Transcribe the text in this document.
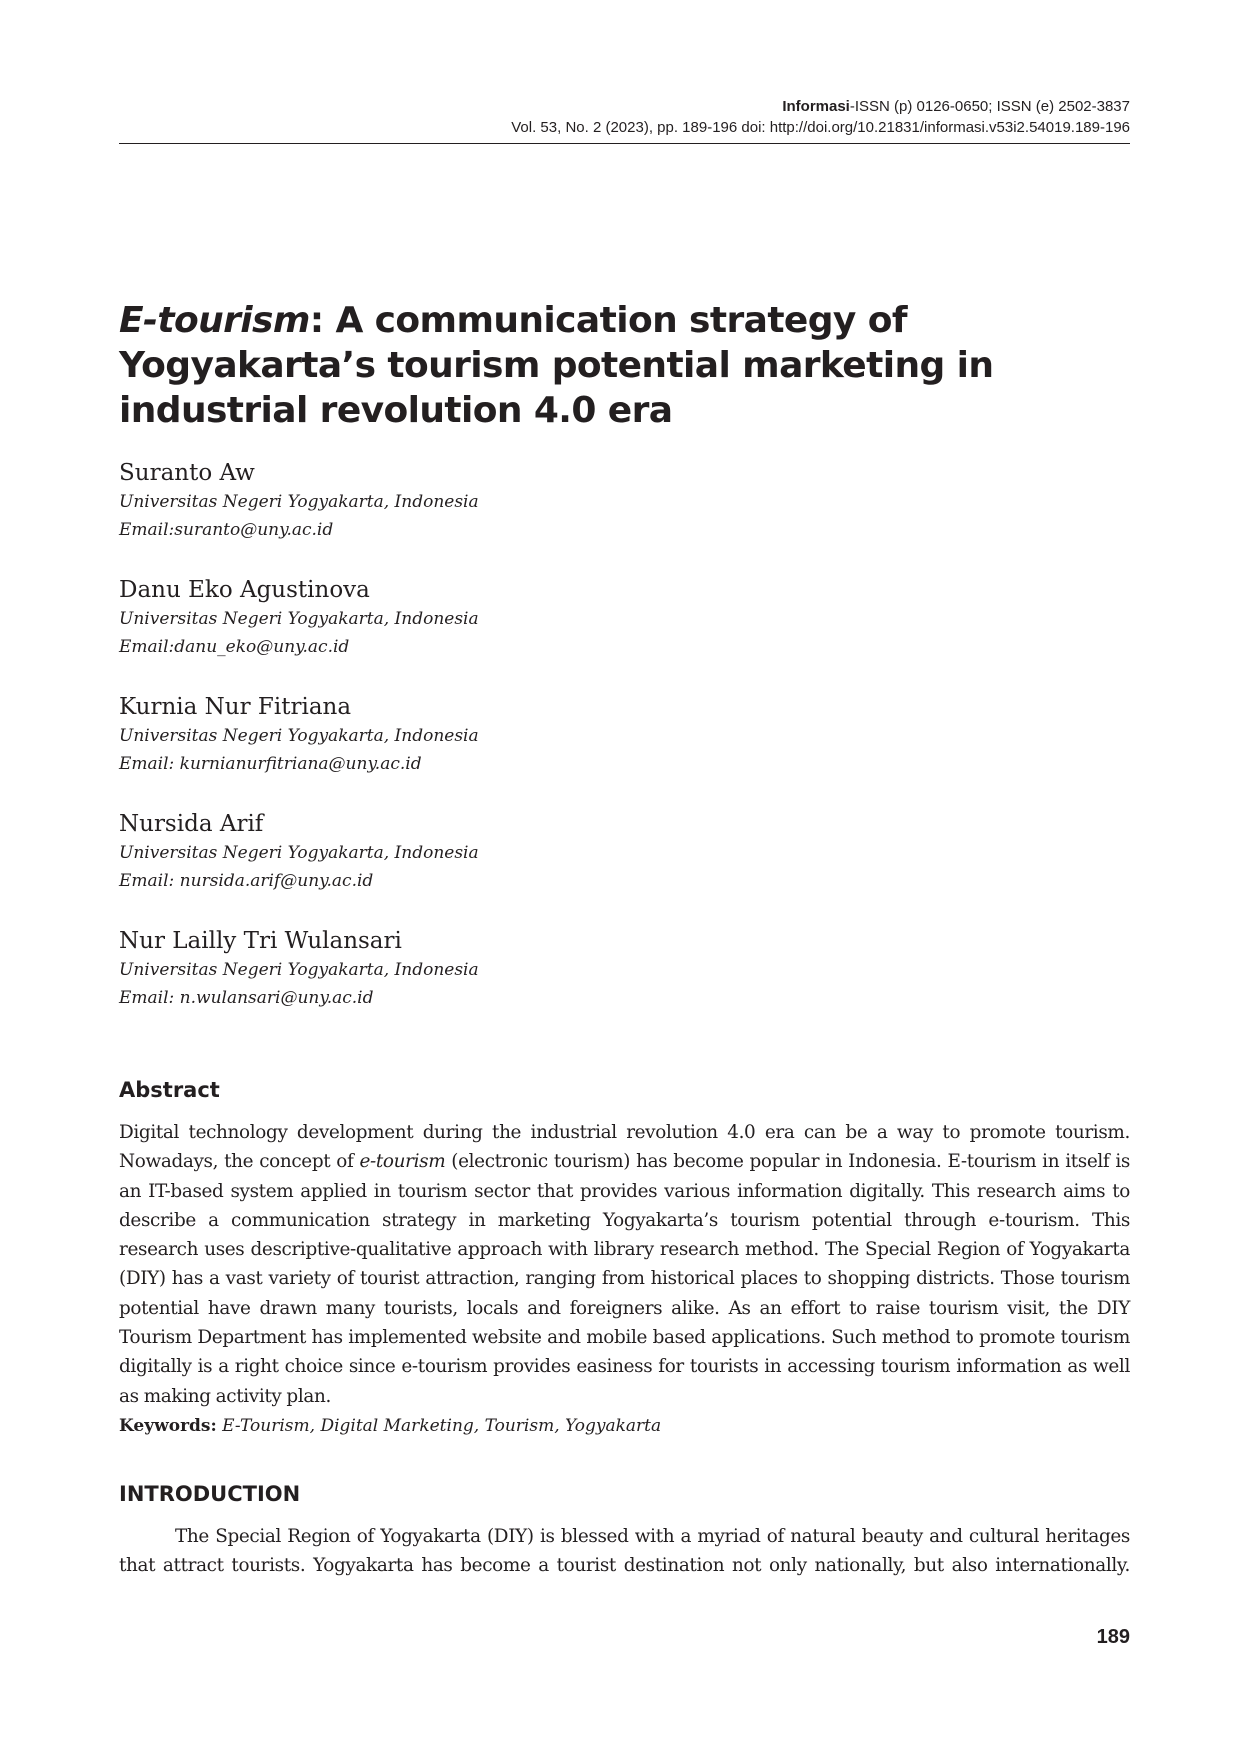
Informasi-ISSN (p) 0126-0650; ISSN (e) 2502-3837
Vol. 53, No. 2 (2023), pp. 189-196 doi: http://doi.org/10.21831/informasi.v53i2.54019.189-196
E-tourism: A communication strategy of Yogyakarta’s tourism potential marketing in industrial revolution 4.0 era
Suranto Aw
Universitas Negeri Yogyakarta, Indonesia
Email:suranto@uny.ac.id
Danu Eko Agustinova
Universitas Negeri Yogyakarta, Indonesia
Email:danu_eko@uny.ac.id
Kurnia Nur Fitriana
Universitas Negeri Yogyakarta, Indonesia
Email: kurnianurfitriana@uny.ac.id
Nursida Arif
Universitas Negeri Yogyakarta, Indonesia
Email: nursida.arif@uny.ac.id
Nur Lailly Tri Wulansari
Universitas Negeri Yogyakarta, Indonesia
Email: n.wulansari@uny.ac.id
Abstract

Digital technology development during the industrial revolution 4.0 era can be a way to promote tourism. Nowadays, the concept of e-tourism (electronic tourism) has become popular in Indonesia. E-tourism in itself is an IT-based system applied in tourism sector that provides various information digitally. This research aims to describe a communication strategy in marketing Yogyakarta’s tourism potential through e-tourism. This research uses descriptive-qualitative approach with library research method. The Special Region of Yogyakarta (DIY) has a vast variety of tourist attraction, ranging from historical places to shopping districts. Those tourism potential have drawn many tourists, locals and foreigners alike. As an effort to raise tourism visit, the DIY Tourism Department has implemented website and mobile based applications. Such method to promote tourism digitally is a right choice since e-tourism provides easiness for tourists in accessing tourism information as well as making activity plan.

Keywords: E-Tourism, Digital Marketing, Tourism, Yogyakarta
INTRODUCTION

The Special Region of Yogyakarta (DIY) is blessed with a myriad of natural beauty and cultural heritages that attract tourists. Yogyakarta has become a tourist destination not only nationally, but also internationally.

189
